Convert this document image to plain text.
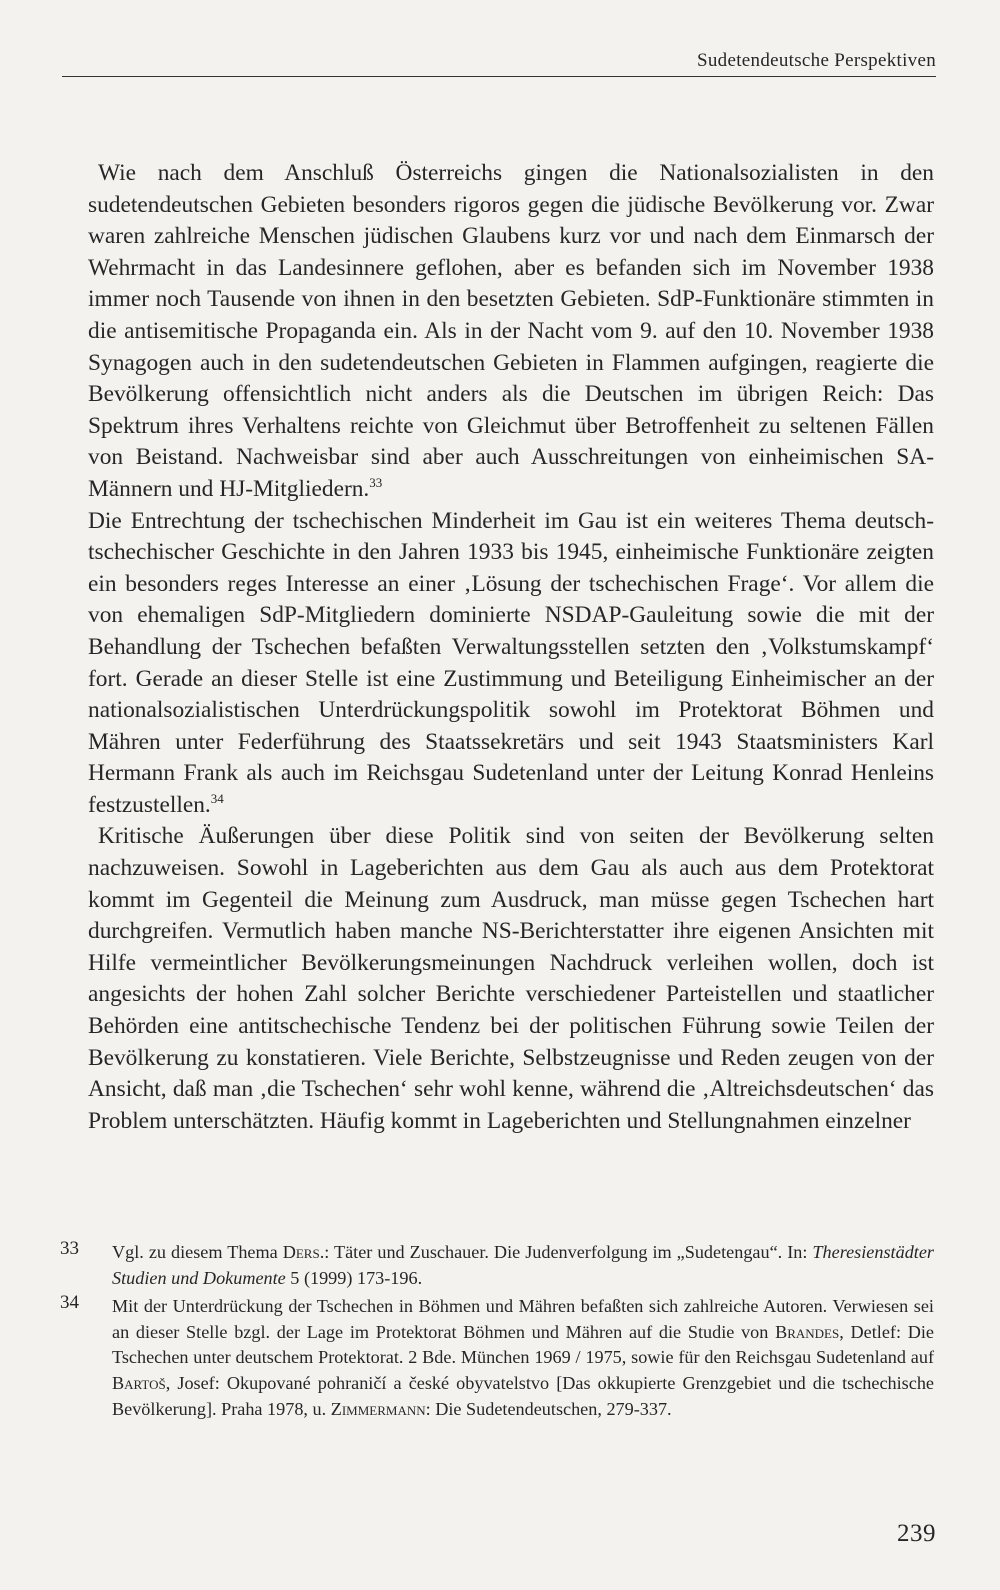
Sudetendeutsche Perspektiven

Wie nach dem Anschluß Österreichs gingen die Nationalsozialisten in den sudetendeutschen Gebieten besonders rigoros gegen die jüdische Bevölkerung vor. Zwar waren zahlreiche Menschen jüdischen Glaubens kurz vor und nach dem Einmarsch der Wehrmacht in das Landesinnere geflohen, aber es befanden sich im November 1938 immer noch Tausende von ihnen in den besetzten Gebieten. SdP-Funktionäre stimmten in die antisemitische Propaganda ein. Als in der Nacht vom 9. auf den 10. November 1938 Synagogen auch in den sudetendeutschen Gebieten in Flammen aufgingen, reagierte die Bevölkerung offensichtlich nicht anders als die Deutschen im übrigen Reich: Das Spektrum ihres Verhaltens reichte von Gleichmut über Betroffenheit zu seltenen Fällen von Beistand. Nachweisbar sind aber auch Ausschreitungen von einheimischen SA-Männern und HJ-Mitgliedern.$^{33}$

Die Entrechtung der tschechischen Minderheit im Gau ist ein weiteres Thema deutsch-tschechischer Geschichte in den Jahren 1933 bis 1945, einheimische Funktionäre zeigten ein besonders reges Interesse an einer ‚Lösung der tschechischen Frage‘. Vor allem die von ehemaligen SdP-Mitgliedern dominierte NSDAP-Gauleitung sowie die mit der Behandlung der Tschechen befaßten Verwaltungsstellen setzten den ‚Volkstumskampf‘ fort. Gerade an dieser Stelle ist eine Zustimmung und Beteiligung Einheimischer an der nationalsozialistischen Unterdrückungspolitik sowohl im Protektorat Böhmen und Mähren unter Federführung des Staatssekretärs und seit 1943 Staatsministers Karl Hermann Frank als auch im Reichsgau Sudetenland unter der Leitung Konrad Henleins festzustellen.$^{34}$

Kritische Äußerungen über diese Politik sind von seiten der Bevölkerung selten nachzuweisen. Sowohl in Lageberichten aus dem Gau als auch aus dem Protektorat kommt im Gegenteil die Meinung zum Ausdruck, man müsse gegen Tschechen hart durchgreifen. Vermutlich haben manche NS-Berichterstatter ihre eigenen Ansichten mit Hilfe vermeintlicher Bevölkerungsmeinungen Nachdruck verleihen wollen, doch ist angesichts der hohen Zahl solcher Berichte verschiedener Parteistellen und staatlicher Behörden eine antitschechische Tendenz bei der politischen Führung sowie Teilen der Bevölkerung zu konstatieren. Viele Berichte, Selbstzeugnisse und Reden zeugen von der Ansicht, daß man ‚die Tschechen‘ sehr wohl kenne, während die ‚Altreichsdeutschen‘ das Problem unterschätzten. Häufig kommt in Lageberichten und Stellungnahmen einzelner

33 Vgl. zu diesem Thema Ders.: Täter und Zuschauer. Die Judenverfolgung im „Sudetengau“. In: Theresienstädter Studien und Dokumente 5 (1999) 173-196.
34 Mit der Unterdrückung der Tschechen in Böhmen und Mähren befaßten sich zahlreiche Autoren. Verwiesen sei an dieser Stelle bzgl. der Lage im Protektorat Böhmen und Mähren auf die Studie von Brandes, Detlef: Die Tschechen unter deutschem Protektorat. 2 Bde. München 1969 / 1975, sowie für den Reichsgau Sudetenland auf Bartoš, Josef: Okupované pohraničí a české obyvatelstvo [Das okkupierte Grenzgebiet und die tschechische Bevölkerung]. Praha 1978, u. Zimmermann: Die Sudetendeutschen, 279-337.
239
